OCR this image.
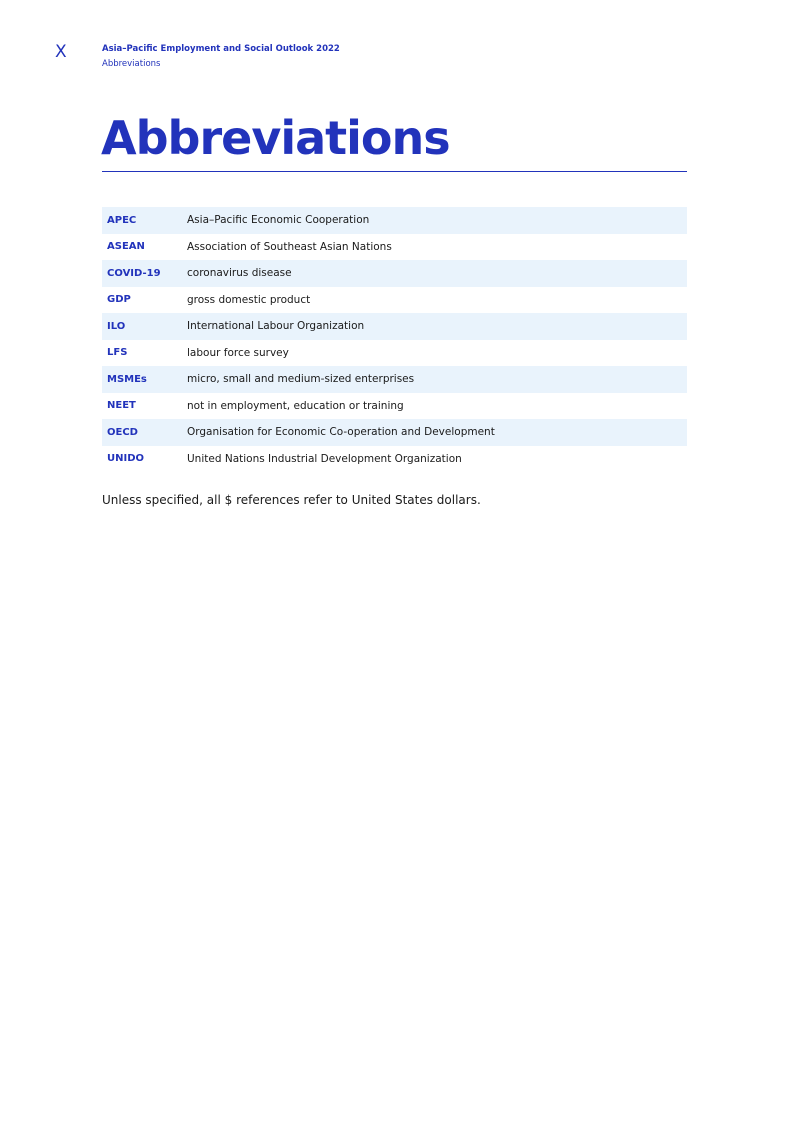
X	Asia–Pacific Employment and Social Outlook 2022
Abbreviations
Abbreviations
APEC	Asia–Pacific Economic Cooperation
ASEAN	Association of Southeast Asian Nations
COVID-19	coronavirus disease
GDP	gross domestic product
ILO	International Labour Organization
LFS	labour force survey
MSMEs	micro, small and medium-sized enterprises
NEET	not in employment, education or training
OECD	Organisation for Economic Co-operation and Development
UNIDO	United Nations Industrial Development Organization

Unless specified, all $ references refer to United States dollars.
